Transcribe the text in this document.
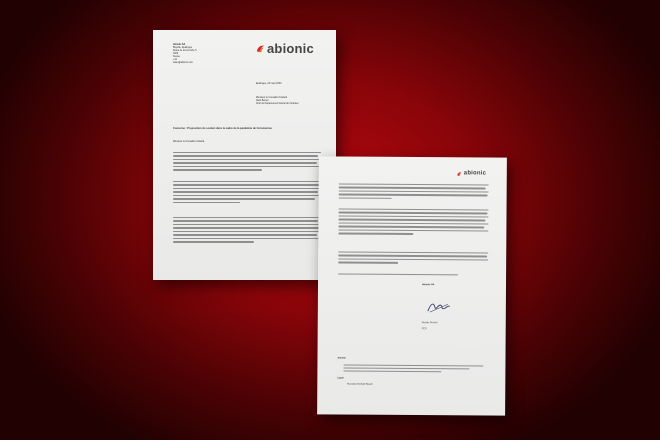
Abionic SA
Biopôle, Epalinges
Route de la Corniche 5
1066
Suisse
+41
sales@abionic.com
abionic
Epalinges, 23 mars 2020
Monsieur le Conseiller Fédéral
Alain Berset
Chef du Département fédéral de l'intérieur
Concerne : Proposition de soutien dans le cadre de la pandémie de Coronavirus
Monsieur le Conseiller Fédéral,
abionic
Abionic SA
Nicolas Durand
CEO
Annexe
Copie
Monsieur Michael Brandt
